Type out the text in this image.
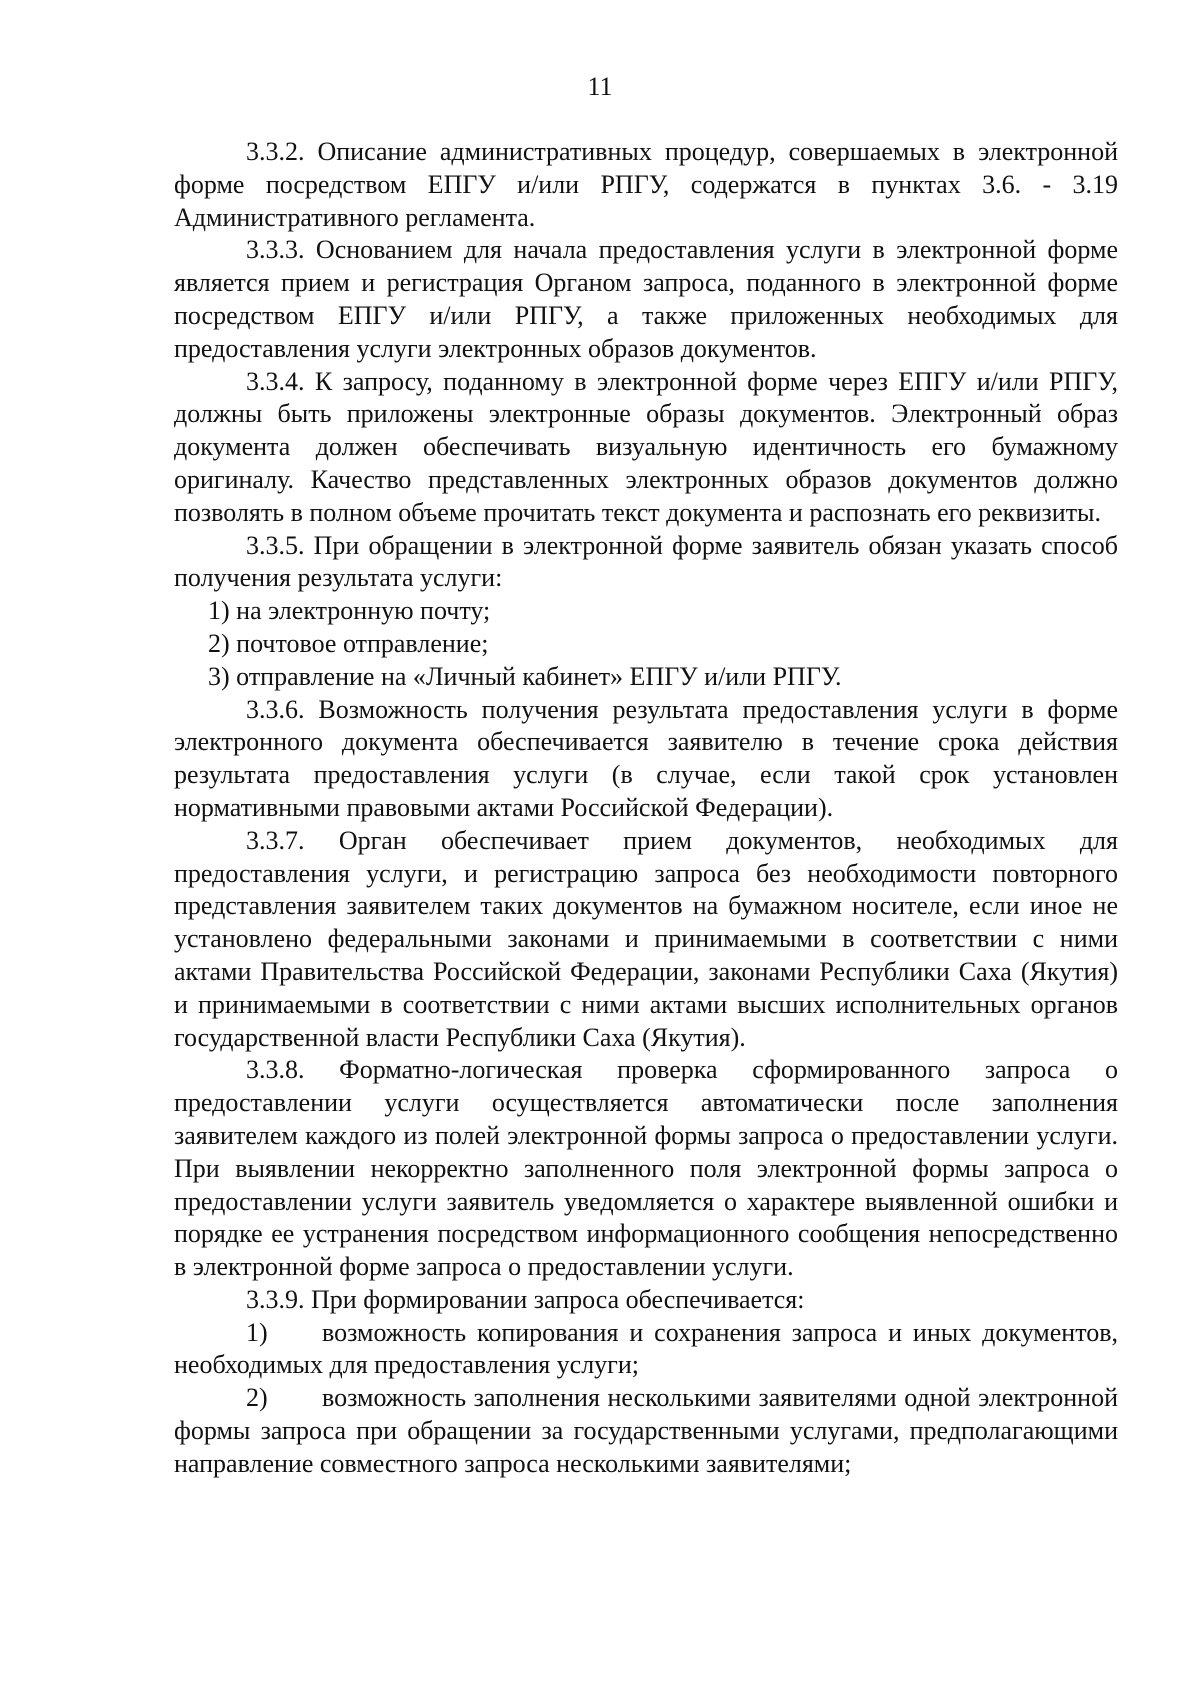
11

3.3.2. Описание административных процедур, совершаемых в электронной форме посредством ЕПГУ и/или РПГУ, содержатся в пунктах 3.6. - 3.19 Административного регламента.

3.3.3. Основанием для начала предоставления услуги в электронной форме является прием и регистрация Органом запроса, поданного в электронной форме посредством ЕПГУ и/или РПГУ, а также приложенных необходимых для предоставления услуги электронных образов документов.

3.3.4. К запросу, поданному в электронной форме через ЕПГУ и/или РПГУ, должны быть приложены электронные образы документов. Электронный образ документа должен обеспечивать визуальную идентичность его бумажному оригиналу. Качество представленных электронных образов документов должно позволять в полном объеме прочитать текст документа и распознать его реквизиты.

3.3.5. При обращении в электронной форме заявитель обязан указать способ получения результата услуги:

1) на электронную почту;

2) почтовое отправление;

3) отправление на «Личный кабинет» ЕПГУ и/или РПГУ.

3.3.6. Возможность получения результата предоставления услуги в форме электронного документа обеспечивается заявителю в течение срока действия результата предоставления услуги (в случае, если такой срок установлен нормативными правовыми актами Российской Федерации).

3.3.7. Орган обеспечивает прием документов, необходимых для предоставления услуги, и регистрацию запроса без необходимости повторного представления заявителем таких документов на бумажном носителе, если иное не установлено федеральными законами и принимаемыми в соответствии с ними актами Правительства Российской Федерации, законами Республики Саха (Якутия) и принимаемыми в соответствии с ними актами высших исполнительных органов государственной власти Республики Саха (Якутия).

3.3.8. Форматно-логическая проверка сформированного запроса о предоставлении услуги осуществляется автоматически после заполнения заявителем каждого из полей электронной формы запроса о предоставлении услуги. При выявлении некорректно заполненного поля электронной формы запроса о предоставлении услуги заявитель уведомляется о характере выявленной ошибки и порядке ее устранения посредством информационного сообщения непосредственно в электронной форме запроса о предоставлении услуги.

3.3.9. При формировании запроса обеспечивается:

1) возможность копирования и сохранения запроса и иных документов, необходимых для предоставления услуги;

2) возможность заполнения несколькими заявителями одной электронной формы запроса при обращении за государственными услугами, предполагающими направление совместного запроса несколькими заявителями;
